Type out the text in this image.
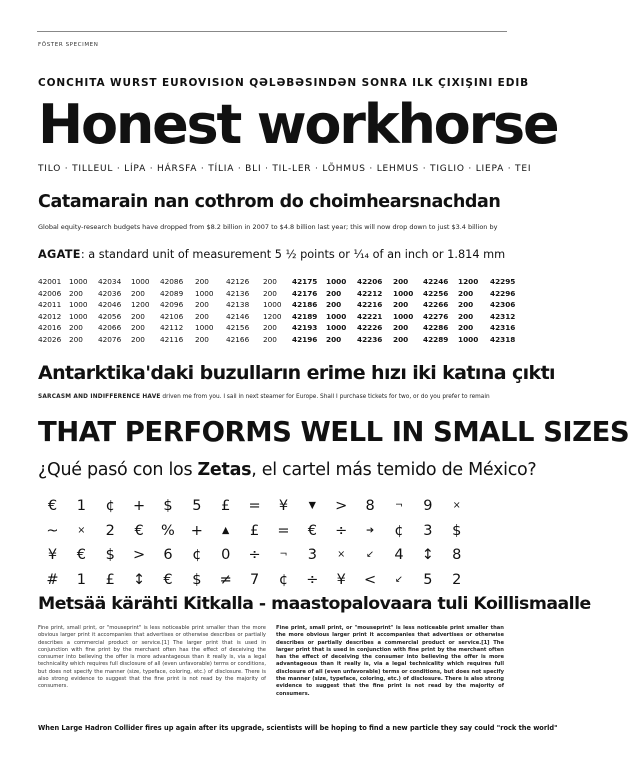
FÖSTER SPECIMEN
CONCHITA WURST EUROVISION QƏLƏBƏSINDƏN SONRA ILK ÇIXIŞINI EDIB
Honest workhorse
TILO · TILLEUL · LÍPA · HÁRSFA · TÍLIA · BLI · TIL‑LER · LÕHMUS · LEHMUS · TIGLIO · LIEPA · TEI
Catamarain nan cothrom do choimhearsnachdan
Global equity-research budgets have dropped from $8.2 billion in 2007 to $4.8 billion last year; this will now drop down to just $3.4 billion by
AGATE: a standard unit of measurement 5 ½ points or ¹⁄₁₄ of an inch or 1.814 mm
42001 1000 42034 1000 42086 200 42126 200 42175 1000 42206 200 42246 1200 42295
42006 200 42036 200 42089 1000 42136 200 42176 200 42212 1000 42256 200 42296
42011 1000 42046 1200 42096 200 42138 1000 42186 200 42216 200 42266 200 42306
42012 1000 42056 200 42106 200 42146 1200 42189 1000 42221 1000 42276 200 42312
42016 200 42066 200 42112 1000 42156 200 42193 1000 42226 200 42286 200 42316
42026 200 42076 200 42116 200 42166 200 42196 200 42236 200 42289 1000 42318
Antarktika'daki buzulların erime hızı iki katına çıktı
SARCASM AND INDIFFERENCE HAVE driven me from you. I sail in next steamer for Europe. Shall I purchase tickets for two, or do you prefer to remain
THAT PERFORMS WELL IN SMALL SIZES
¿Qué pasó con los Zetas, el cartel más temido de México?
€	1	¢	+	$	5	£	=	¥	▼	>	8	¬	9	×
~	×	2	€	%	+	▲	£	=	€	÷	➔	¢	3	$
¥	€	$	>	6	¢	0	÷	¬	3	×	↙	4	↕	8
#	1	£	↕	€	$	≠	7	¢	÷	¥	<	↙	5	2
Metsää kärähti Kitkalla - maastopalovaara tuli Koillismaalle
Fine print, small print, or "mouseprint" is less noticeable print smaller than the more obvious larger print it accompanies that advertises or otherwise describes or partially describes a commercial product or service.[1] The larger print that is used in conjunction with fine print by the merchant often has the effect of deceiving the consumer into believing the offer is more advantageous than it really is, via a legal technicality which requires full disclosure of all (even unfavorable) terms or conditions, but does not specify the manner (size, typeface, coloring, etc.) of disclosure. There is also strong evidence to suggest that the fine print is not read by the majority of consumers.
Fine print, small print, or "mouseprint" is less noticeable print smaller than the more obvious larger print it accompanies that advertises or otherwise describes or partially describes a commercial product or service.[1] The larger print that is used in conjunction with fine print by the merchant often has the effect of deceiving the consumer into believing the offer is more advantageous than it really is, via a legal technicality which requires full disclosure of all (even unfavorable) terms or conditions, but does not specify the manner (size, typeface, coloring, etc.) of disclosure. There is also strong evidence to suggest that the fine print is not read by the majority of consumers.
When Large Hadron Collider fires up again after its upgrade, scientists will be hoping to find a new particle they say could "rock the world"
